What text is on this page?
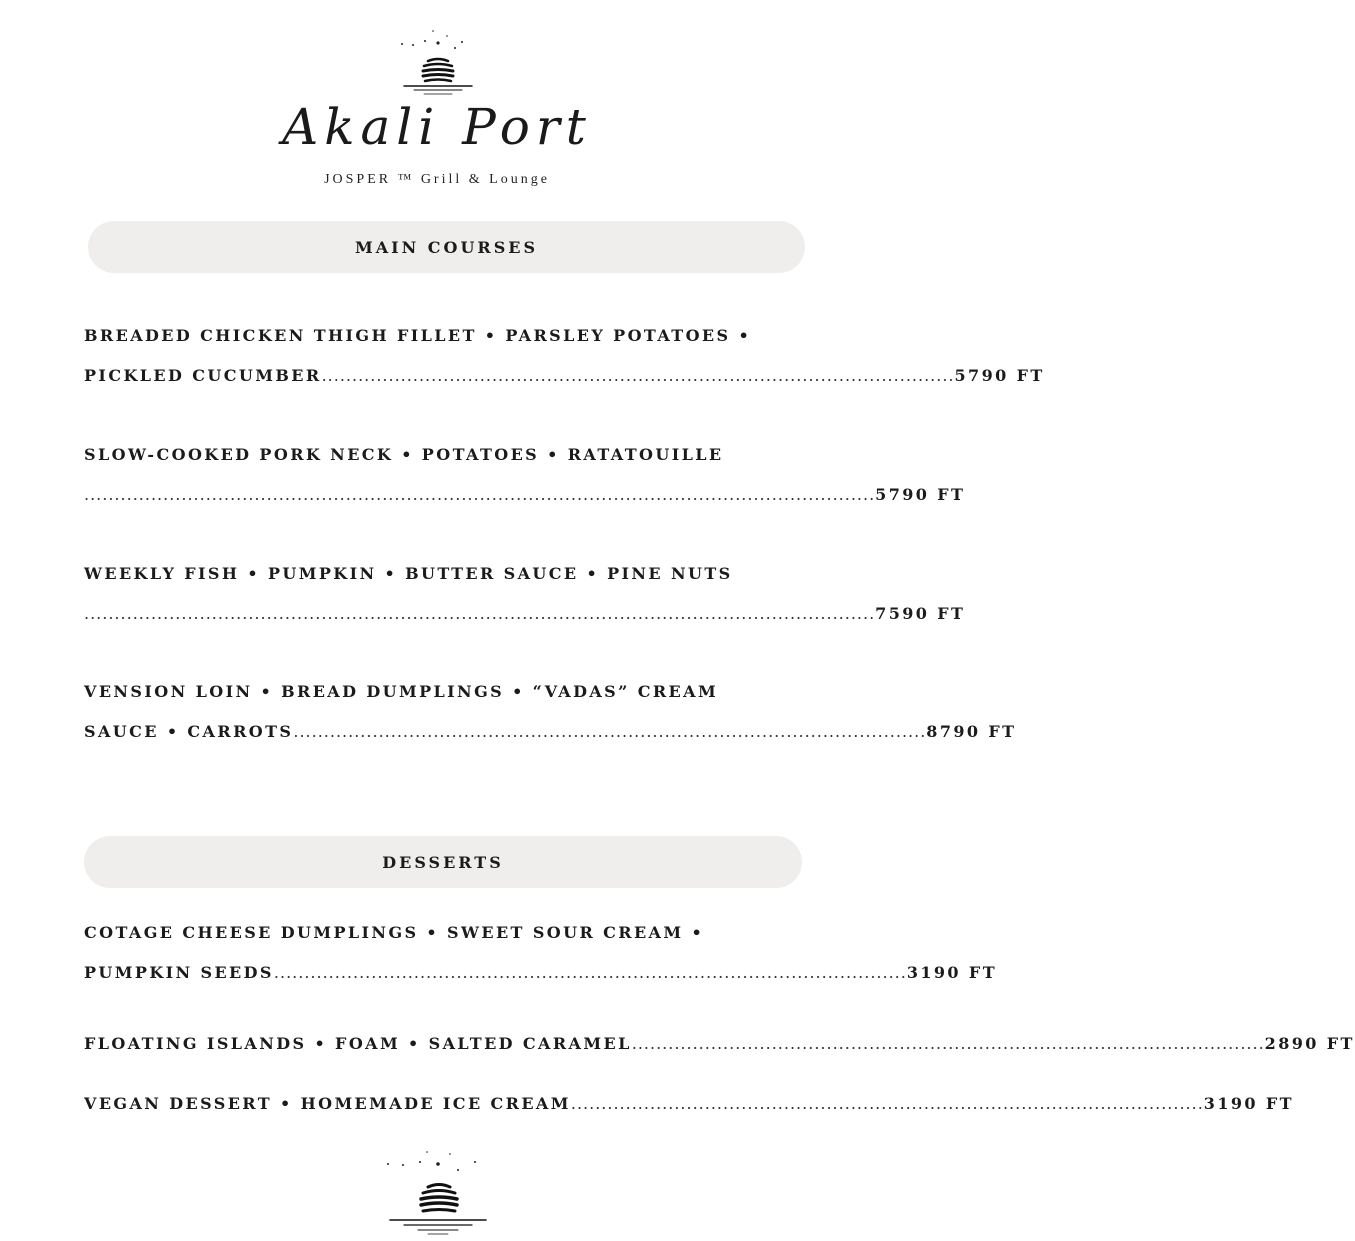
Akali Port
JOSPER ™ Grill & Lounge
MAIN COURSES
BREADED CHICKEN THIGH FILLET • PARSLEY POTATOES •
PICKLED CUCUMBER ........................................................................................................ 5790 FT
SLOW-COOKED PORK NECK • POTATOES • RATATOUILLE
.................................................................................................................................. 5790 FT
WEEKLY FISH • PUMPKIN • BUTTER SAUCE • PINE NUTS
.................................................................................................................................. 7590 FT
VENSION LOIN • BREAD DUMPLINGS • “VADAS” CREAM
SAUCE • CARROTS ........................................................................................................ 8790 FT
DESSERTS
COTAGE CHEESE DUMPLINGS • SWEET SOUR CREAM •
PUMPKIN SEEDS ........................................................................................................ 3190 FT
FLOATING ISLANDS • FOAM • SALTED CARAMEL ........................................................................................................ 2890 FT
VEGAN DESSERT • HOMEMADE ICE CREAM ........................................................................................................ 3190 FT
